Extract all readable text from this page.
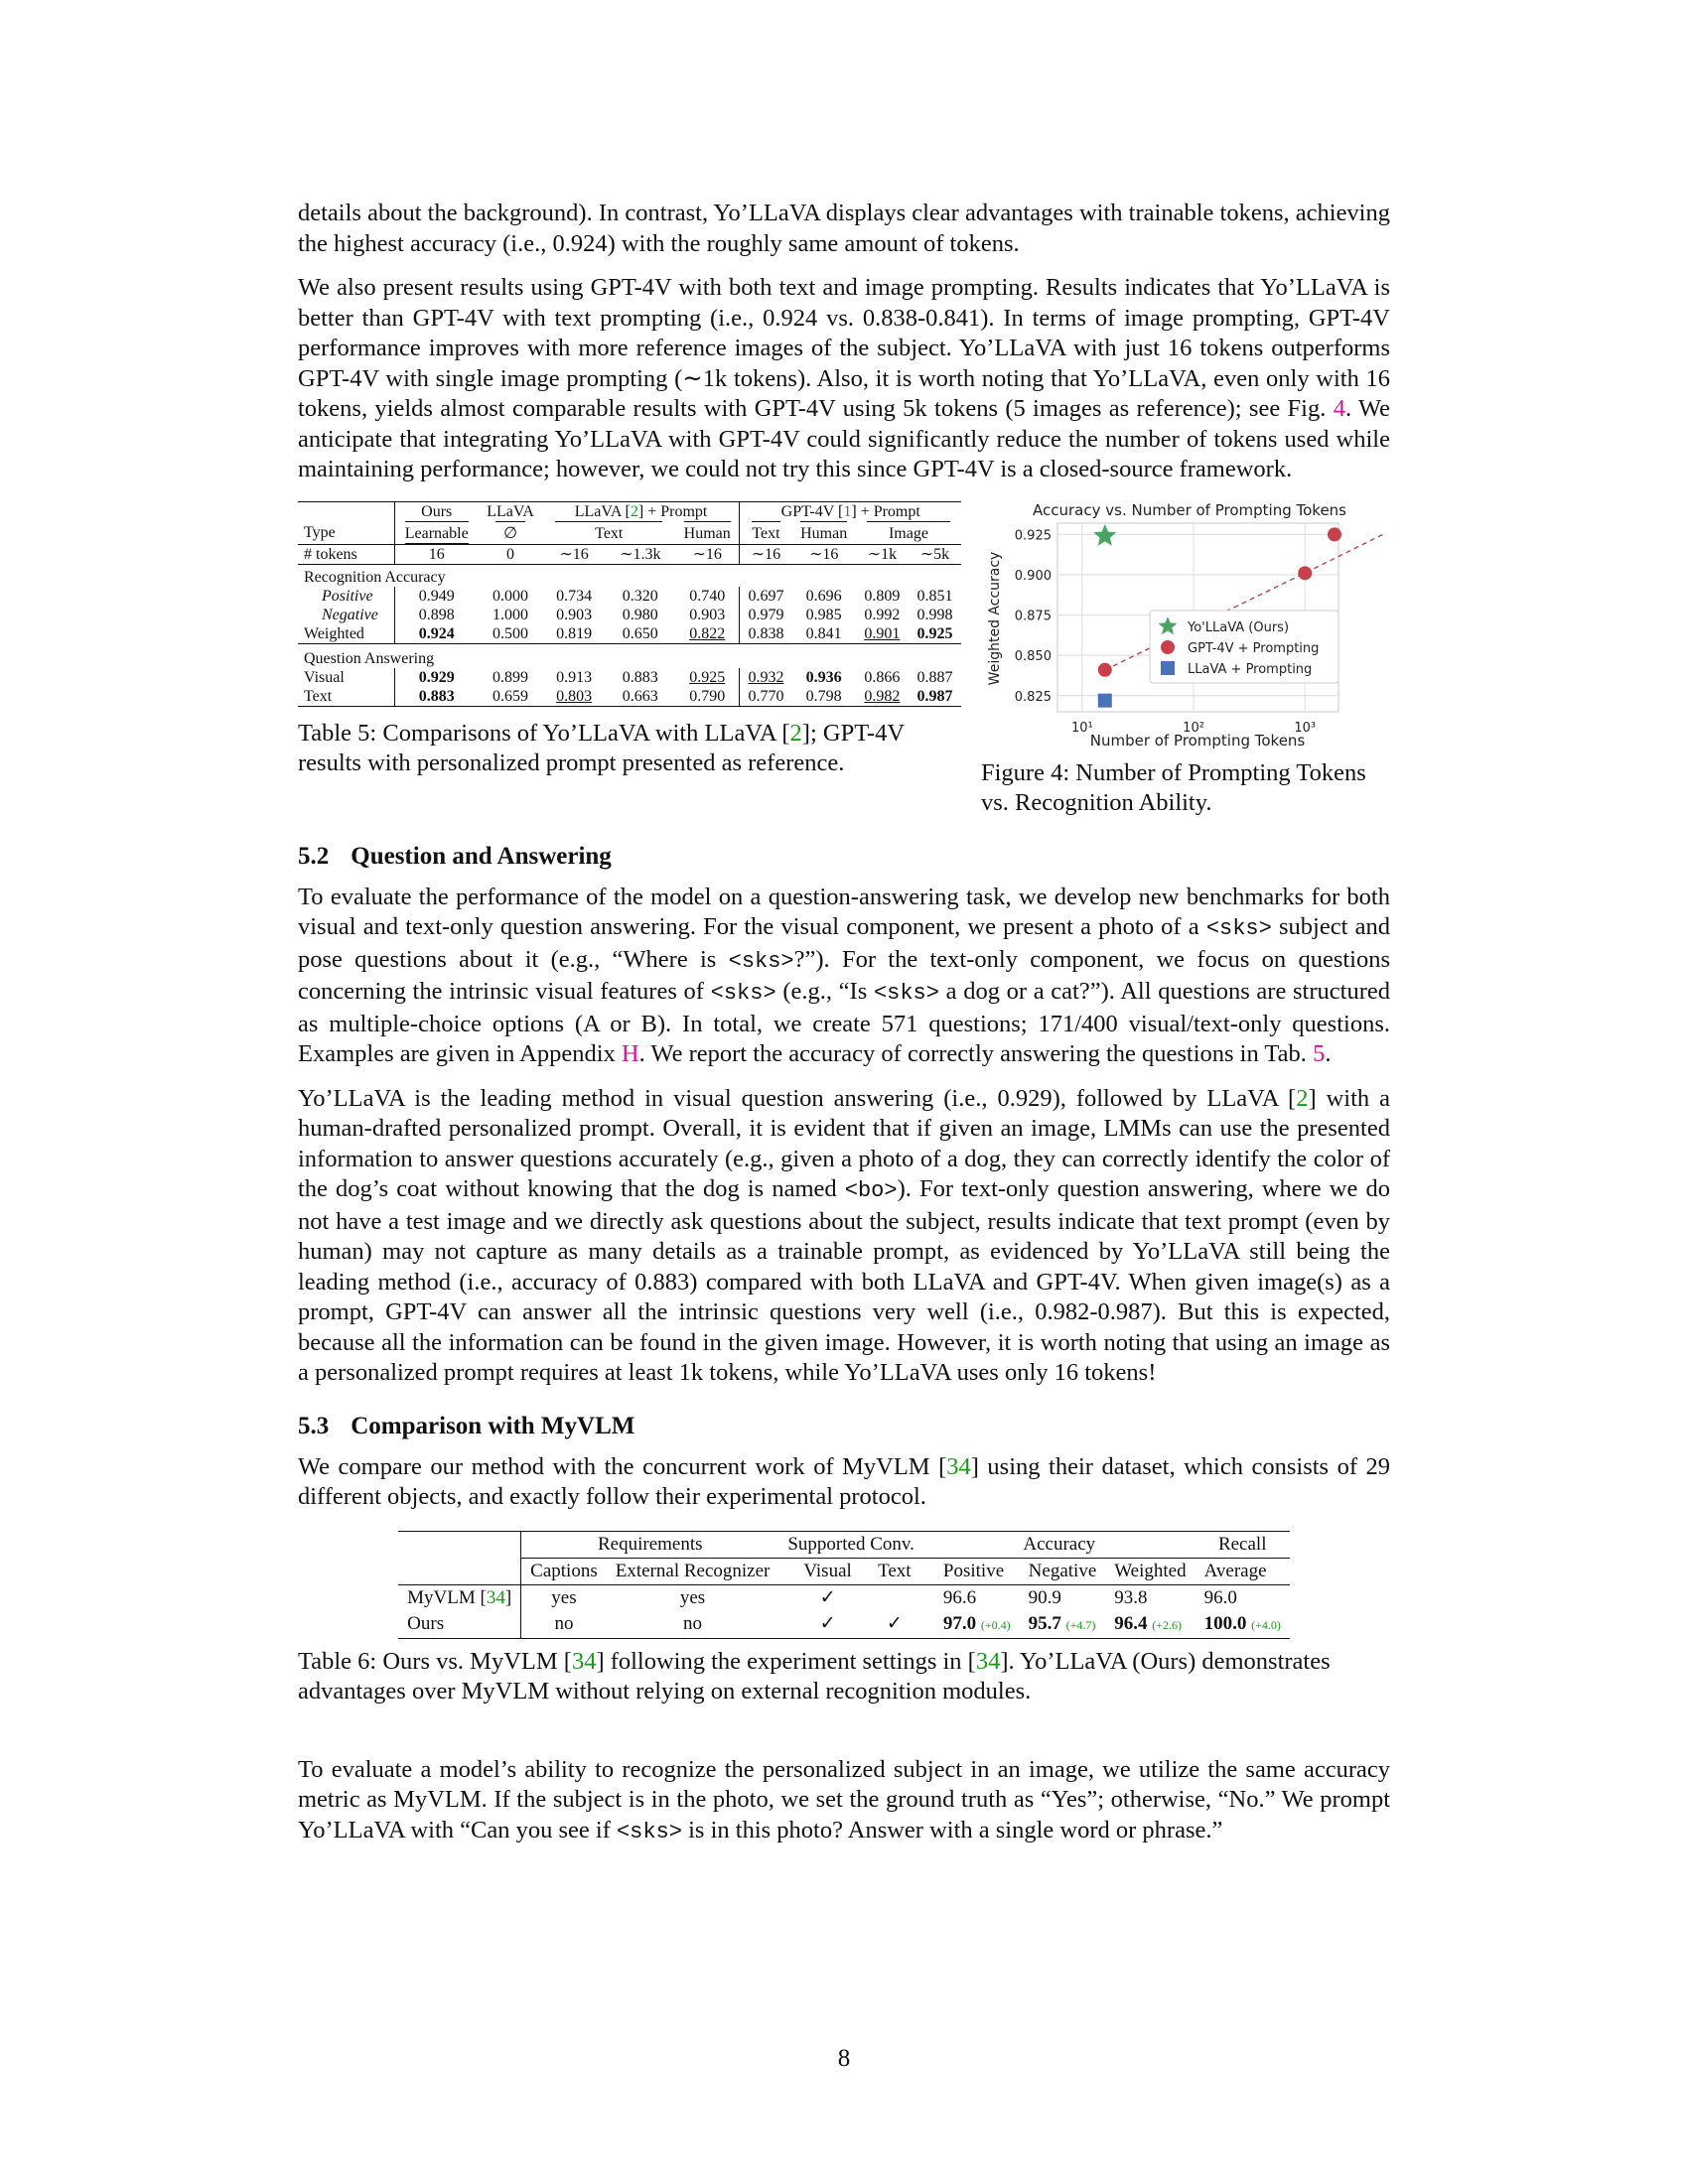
details about the background). In contrast, Yo’LLaVA displays clear advantages with trainable tokens, achieving the highest accuracy (i.e., 0.924) with the roughly same amount of tokens.

We also present results using GPT-4V with both text and image prompting. Results indicates that Yo’LLaVA is better than GPT-4V with text prompting (i.e., 0.924 vs. 0.838-0.841). In terms of image prompting, GPT-4V performance improves with more reference images of the subject. Yo’LLaVA with just 16 tokens outperforms GPT-4V with single image prompting (∼1k tokens). Also, it is worth noting that Yo’LLaVA, even only with 16 tokens, yields almost comparable results with GPT-4V using 5k tokens (5 images as reference); see Fig. 4. We anticipate that integrating Yo’LLaVA with GPT-4V could significantly reduce the number of tokens used while maintaining performance; however, we could not try this since GPT-4V is a closed-source framework.

	Ours	LLaVA	LLaVA [2] + Prompt			GPT-4V [1] + Prompt			
Type	Learnable	∅	Text		Human	Text	Human	Image	
# tokens	16	0	∼16	∼1.3k	∼16	∼16	∼16	∼1k	∼5k
Recognition Accuracy									
Positive	0.949	0.000	0.734	0.320	0.740	0.697	0.696	0.809	0.851
Negative	0.898	1.000	0.903	0.980	0.903	0.979	0.985	0.992	0.998
Weighted	0.924	0.500	0.819	0.650	0.822	0.838	0.841	0.901	0.925
Question Answering									
Visual	0.929	0.899	0.913	0.883	0.925	0.932	0.936	0.866	0.887
Text	0.883	0.659	0.803	0.663	0.790	0.770	0.798	0.982	0.987

Table 5: Comparisons of Yo’LLaVA with LLaVA [2]; GPT-4V results with personalized prompt presented as reference.

Accuracy vs. Number of Prompting Tokens
0.825
0.850
0.875
0.900
0.925
10¹	10²	10³
Weighted Accuracy
Number of Prompting Tokens
Yo'LLaVA (Ours)
GPT-4V + Prompting
LLaVA + Prompting

Figure 4: Number of Prompting Tokens vs. Recognition Ability.

5.2 Question and Answering

To evaluate the performance of the model on a question-answering task, we develop new benchmarks for both visual and text-only question answering. For the visual component, we present a photo of a <sks> subject and pose questions about it (e.g., “Where is <sks>?”). For the text-only component, we focus on questions concerning the intrinsic visual features of <sks> (e.g., “Is <sks> a dog or a cat?”). All questions are structured as multiple-choice options (A or B). In total, we create 571 questions; 171/400 visual/text-only questions. Examples are given in Appendix H. We report the accuracy of correctly answering the questions in Tab. 5.

Yo’LLaVA is the leading method in visual question answering (i.e., 0.929), followed by LLaVA [2] with a human-drafted personalized prompt. Overall, it is evident that if given an image, LMMs can use the presented information to answer questions accurately (e.g., given a photo of a dog, they can correctly identify the color of the dog’s coat without knowing that the dog is named <bo>). For text-only question answering, where we do not have a test image and we directly ask questions about the subject, results indicate that text prompt (even by human) may not capture as many details as a trainable prompt, as evidenced by Yo’LLaVA still being the leading method (i.e., accuracy of 0.883) compared with both LLaVA and GPT-4V. When given image(s) as a prompt, GPT-4V can answer all the intrinsic questions very well (i.e., 0.982-0.987). But this is expected, because all the information can be found in the given image. However, it is worth noting that using an image as a personalized prompt requires at least 1k tokens, while Yo’LLaVA uses only 16 tokens!

5.3 Comparison with MyVLM

We compare our method with the concurrent work of MyVLM [34] using their dataset, which consists of 29 different objects, and exactly follow their experimental protocol.

	Requirements		Supported Conv.		Accuracy			Recall
	Captions	External Recognizer	Visual	Text	Positive	Negative	Weighted	Average
MyVLM [34]	yes	yes	✓		96.6	90.9	93.8	96.0
Ours	no	no	✓	✓	97.0 (+0.4)	95.7 (+4.7)	96.4 (+2.6)	100.0 (+4.0)

Table 6: Ours vs. MyVLM [34] following the experiment settings in [34]. Yo’LLaVA (Ours) demonstrates advantages over MyVLM without relying on external recognition modules.

To evaluate a model’s ability to recognize the personalized subject in an image, we utilize the same accuracy metric as MyVLM. If the subject is in the photo, we set the ground truth as “Yes”; otherwise, “No.” We prompt Yo’LLaVA with “Can you see if <sks> is in this photo? Answer with a single word or phrase.”

8
